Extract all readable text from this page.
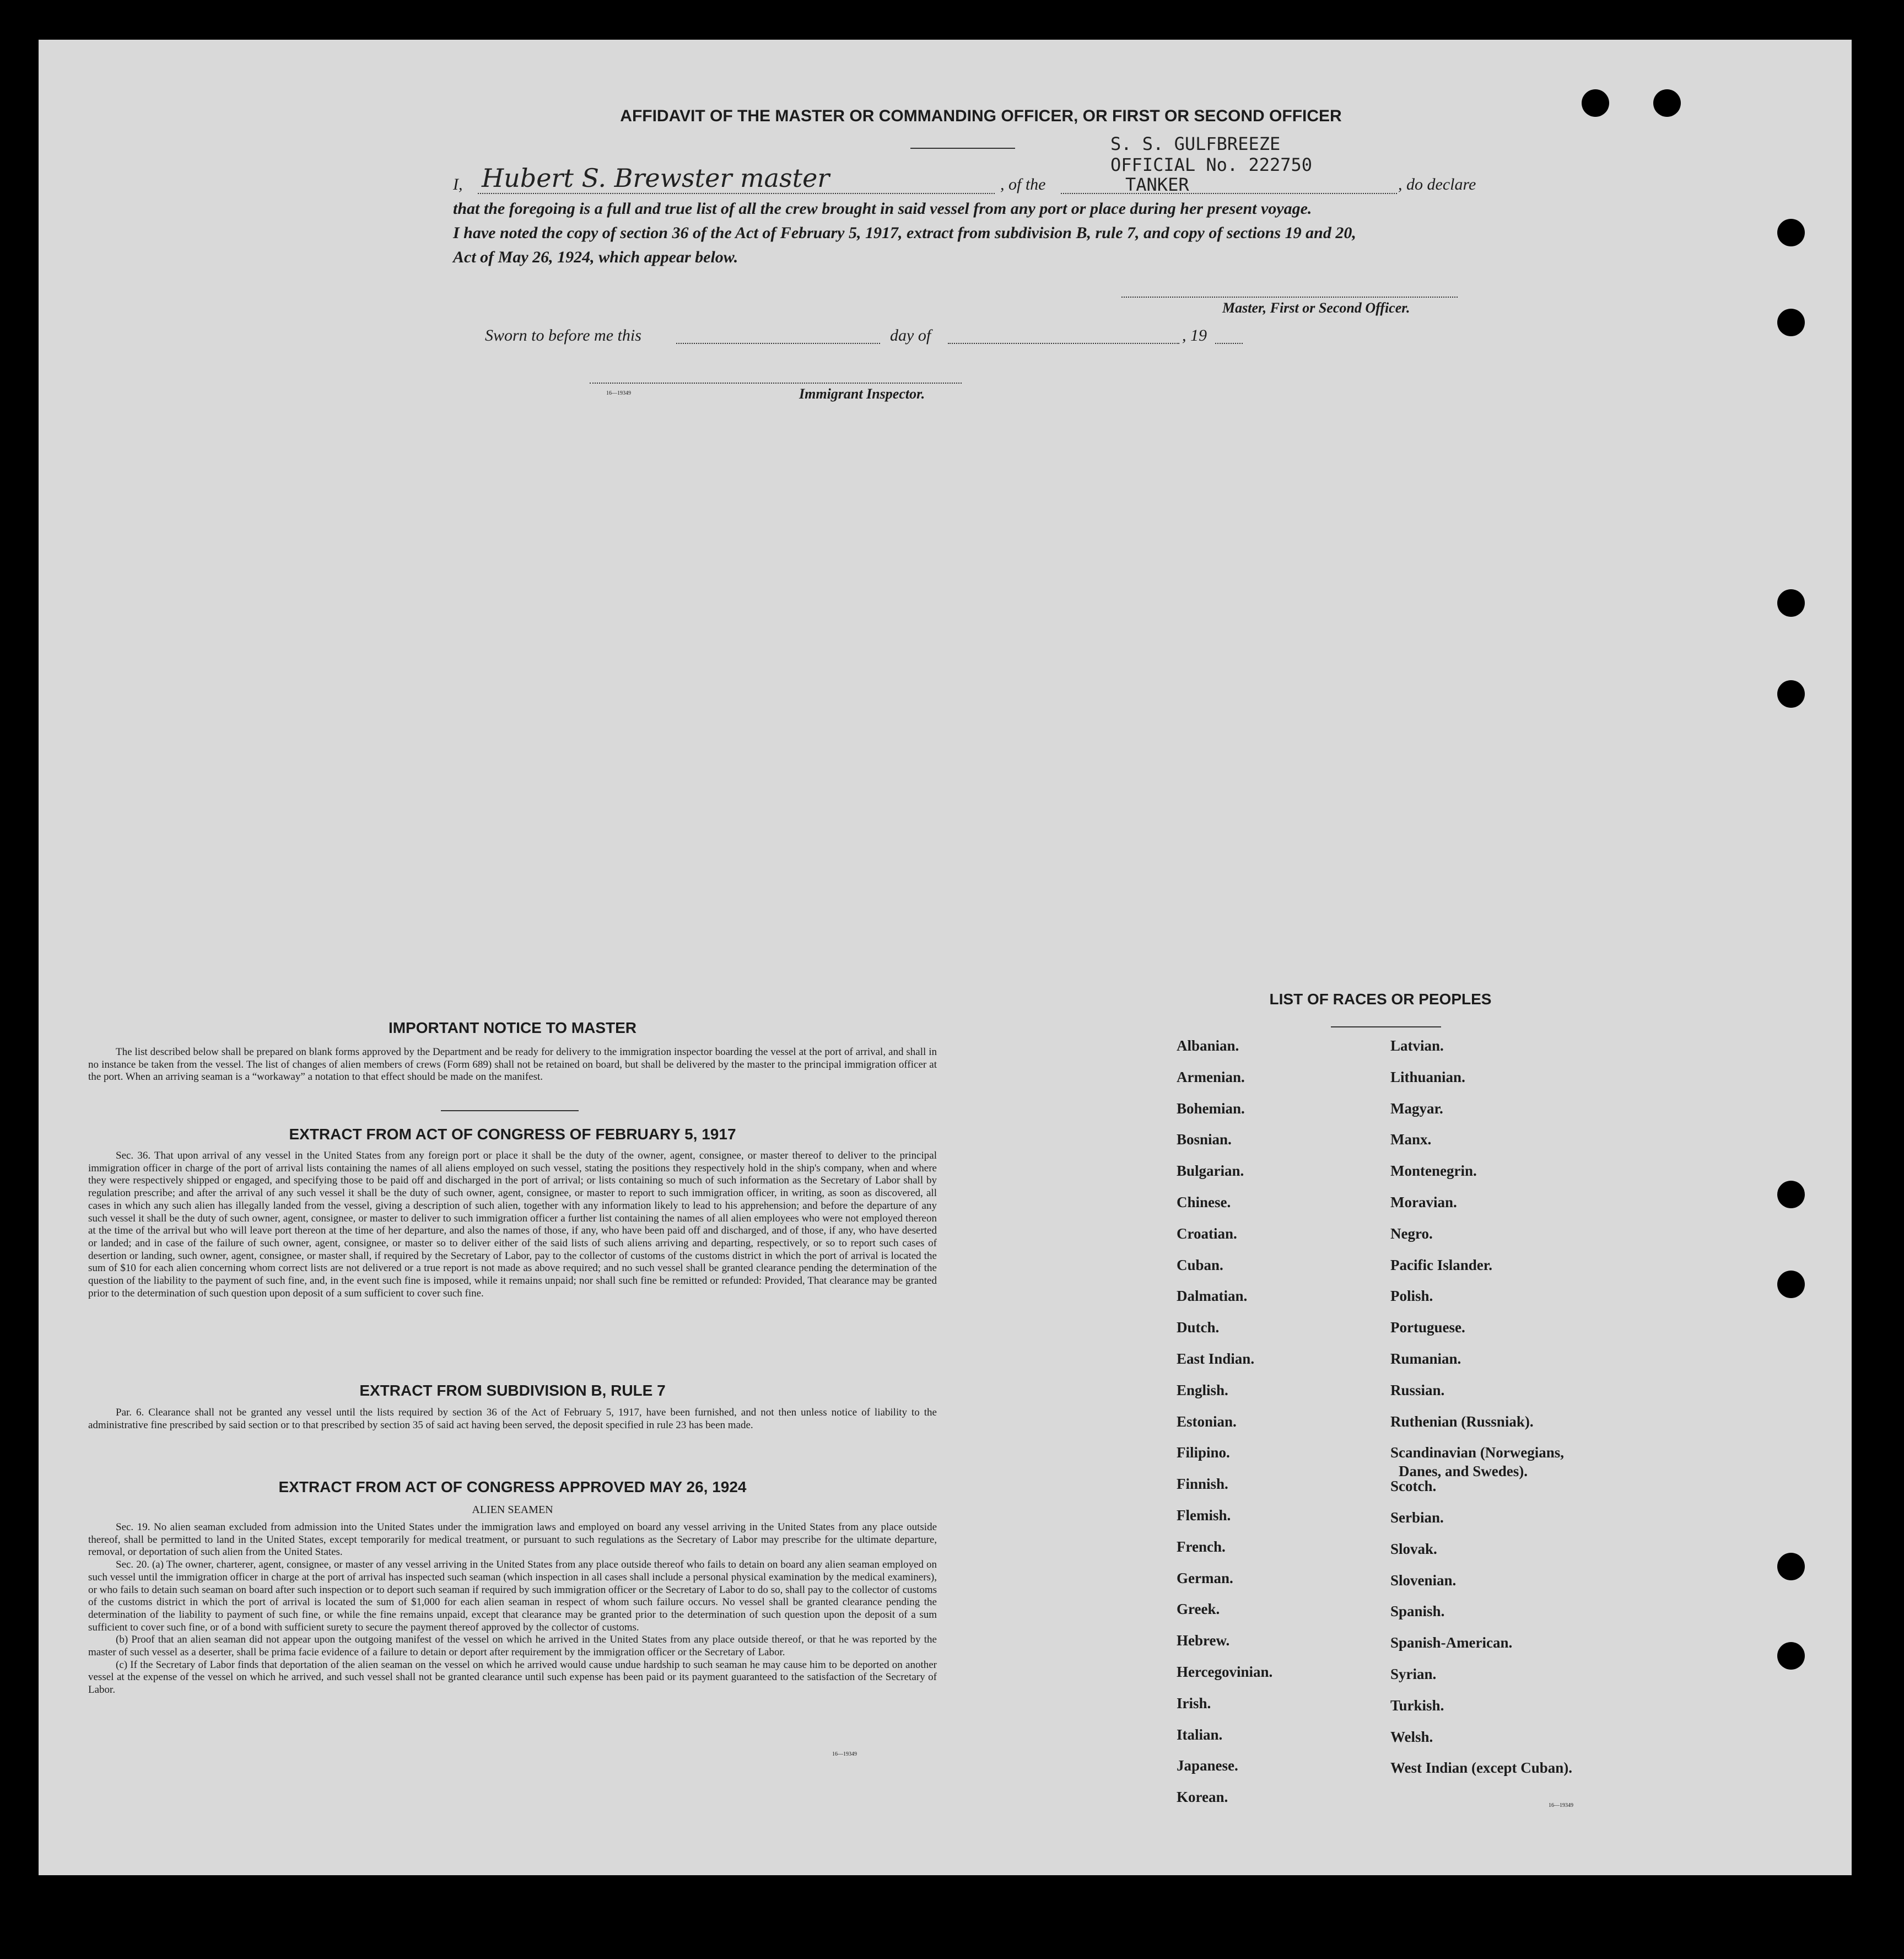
AFFIDAVIT OF THE MASTER OR COMMANDING OFFICER, OR FIRST OR SECOND OFFICER
S. S. GULFBREEZE
OFFICIAL No. 222750
TANKER
I, Hubert S. Brewster master	, of the	, do declare
that the foregoing is a full and true list of all the crew brought in said vessel from any port or place during her present voyage.
I have noted the copy of section 36 of the Act of February 5, 1917, extract from subdivision B, rule 7, and copy of sections 19 and 20,
Act of May 26, 1924, which appear below.
Master, First or Second Officer.
Sworn to before me this	day of	, 19
16—19349	Immigrant Inspector.
IMPORTANT NOTICE TO MASTER

The list described below shall be prepared on blank forms approved by the Department and be ready for delivery to the immigration inspector boarding the vessel at the port of arrival, and shall in no instance be taken from the vessel. The list of changes of alien members of crews (Form 689) shall not be retained on board, but shall be delivered by the master to the principal immigration officer at the port. When an arriving seaman is a “workaway” a notation to that effect should be made on the manifest.

EXTRACT FROM ACT OF CONGRESS OF FEBRUARY 5, 1917

Sec. 36. That upon arrival of any vessel in the United States from any foreign port or place it shall be the duty of the owner, agent, consignee, or master thereof to deliver to the principal immigration officer in charge of the port of arrival lists containing the names of all aliens employed on such vessel, stating the positions they respectively hold in the ship's company, when and where they were respectively shipped or engaged, and specifying those to be paid off and discharged in the port of arrival; or lists containing so much of such information as the Secretary of Labor shall by regulation prescribe; and after the arrival of any such vessel it shall be the duty of such owner, agent, consignee, or master to report to such immigration officer, in writing, as soon as discovered, all cases in which any such alien has illegally landed from the vessel, giving a description of such alien, together with any information likely to lead to his apprehension; and before the departure of any such vessel it shall be the duty of such owner, agent, consignee, or master to deliver to such immigration officer a further list containing the names of all alien employees who were not employed thereon at the time of the arrival but who will leave port thereon at the time of her departure, and also the names of those, if any, who have been paid off and discharged, and of those, if any, who have deserted or landed; and in case of the failure of such owner, agent, consignee, or master so to deliver either of the said lists of such aliens arriving and departing, respectively, or so to report such cases of desertion or landing, such owner, agent, consignee, or master shall, if required by the Secretary of Labor, pay to the collector of customs of the customs district in which the port of arrival is located the sum of $10 for each alien concerning whom correct lists are not delivered or a true report is not made as above required; and no such vessel shall be granted clearance pending the determination of the question of the liability to the payment of such fine, and, in the event such fine is imposed, while it remains unpaid; nor shall such fine be remitted or refunded: Provided, That clearance may be granted prior to the determination of such question upon deposit of a sum sufficient to cover such fine.

EXTRACT FROM SUBDIVISION B, RULE 7

Par. 6. Clearance shall not be granted any vessel until the lists required by section 36 of the Act of February 5, 1917, have been furnished, and not then unless notice of liability to the administrative fine prescribed by said section or to that prescribed by section 35 of said act having been served, the deposit specified in rule 23 has been made.

EXTRACT FROM ACT OF CONGRESS APPROVED MAY 26, 1924
ALIEN SEAMEN

Sec. 19. No alien seaman excluded from admission into the United States under the immigration laws and employed on board any vessel arriving in the United States from any place outside thereof, shall be permitted to land in the United States, except temporarily for medical treatment, or pursuant to such regulations as the Secretary of Labor may prescribe for the ultimate departure, removal, or deportation of such alien from the United States.

Sec. 20. (a) The owner, charterer, agent, consignee, or master of any vessel arriving in the United States from any place outside thereof who fails to detain on board any alien seaman employed on such vessel until the immigration officer in charge at the port of arrival has inspected such seaman (which inspection in all cases shall include a personal physical examination by the medical examiners), or who fails to detain such seaman on board after such inspection or to deport such seaman if required by such immigration officer or the Secretary of Labor to do so, shall pay to the collector of customs of the customs district in which the port of arrival is located the sum of $1,000 for each alien seaman in respect of whom such failure occurs. No vessel shall be granted clearance pending the determination of the liability to payment of such fine, or while the fine remains unpaid, except that clearance may be granted prior to the determination of such question upon the deposit of a sum sufficient to cover such fine, or of a bond with sufficient surety to secure the payment thereof approved by the collector of customs.

(b) Proof that an alien seaman did not appear upon the outgoing manifest of the vessel on which he arrived in the United States from any place outside thereof, or that he was reported by the master of such vessel as a deserter, shall be prima facie evidence of a failure to detain or deport after requirement by the immigration officer or the Secretary of Labor.

(c) If the Secretary of Labor finds that deportation of the alien seaman on the vessel on which he arrived would cause undue hardship to such seaman he may cause him to be deported on another vessel at the expense of the vessel on which he arrived, and such vessel shall not be granted clearance until such expense has been paid or its payment guaranteed to the satisfaction of the Secretary of Labor.

16—19349
LIST OF RACES OR PEOPLES
16—19349
Albanian.
Armenian.
Bohemian.
Bosnian.
Bulgarian.
Chinese.
Croatian.
Cuban.
Dalmatian.
Dutch.
East Indian.
English.
Estonian.
Filipino.
Finnish.
Flemish.
French.
German.
Greek.
Hebrew.
Hercegovinian.
Irish.
Italian.
Japanese.
Korean.
Latvian.
Lithuanian.
Magyar.
Manx.
Montenegrin.
Moravian.
Negro.
Pacific Islander.
Polish.
Portuguese.
Rumanian.
Russian.
Ruthenian (Russniak).
Scandinavian (Norwegians,
Danes, and Swedes).
Scotch.
Serbian.
Slovak.
Slovenian.
Spanish.
Spanish-American.
Syrian.
Turkish.
Welsh.
West Indian (except Cuban).
